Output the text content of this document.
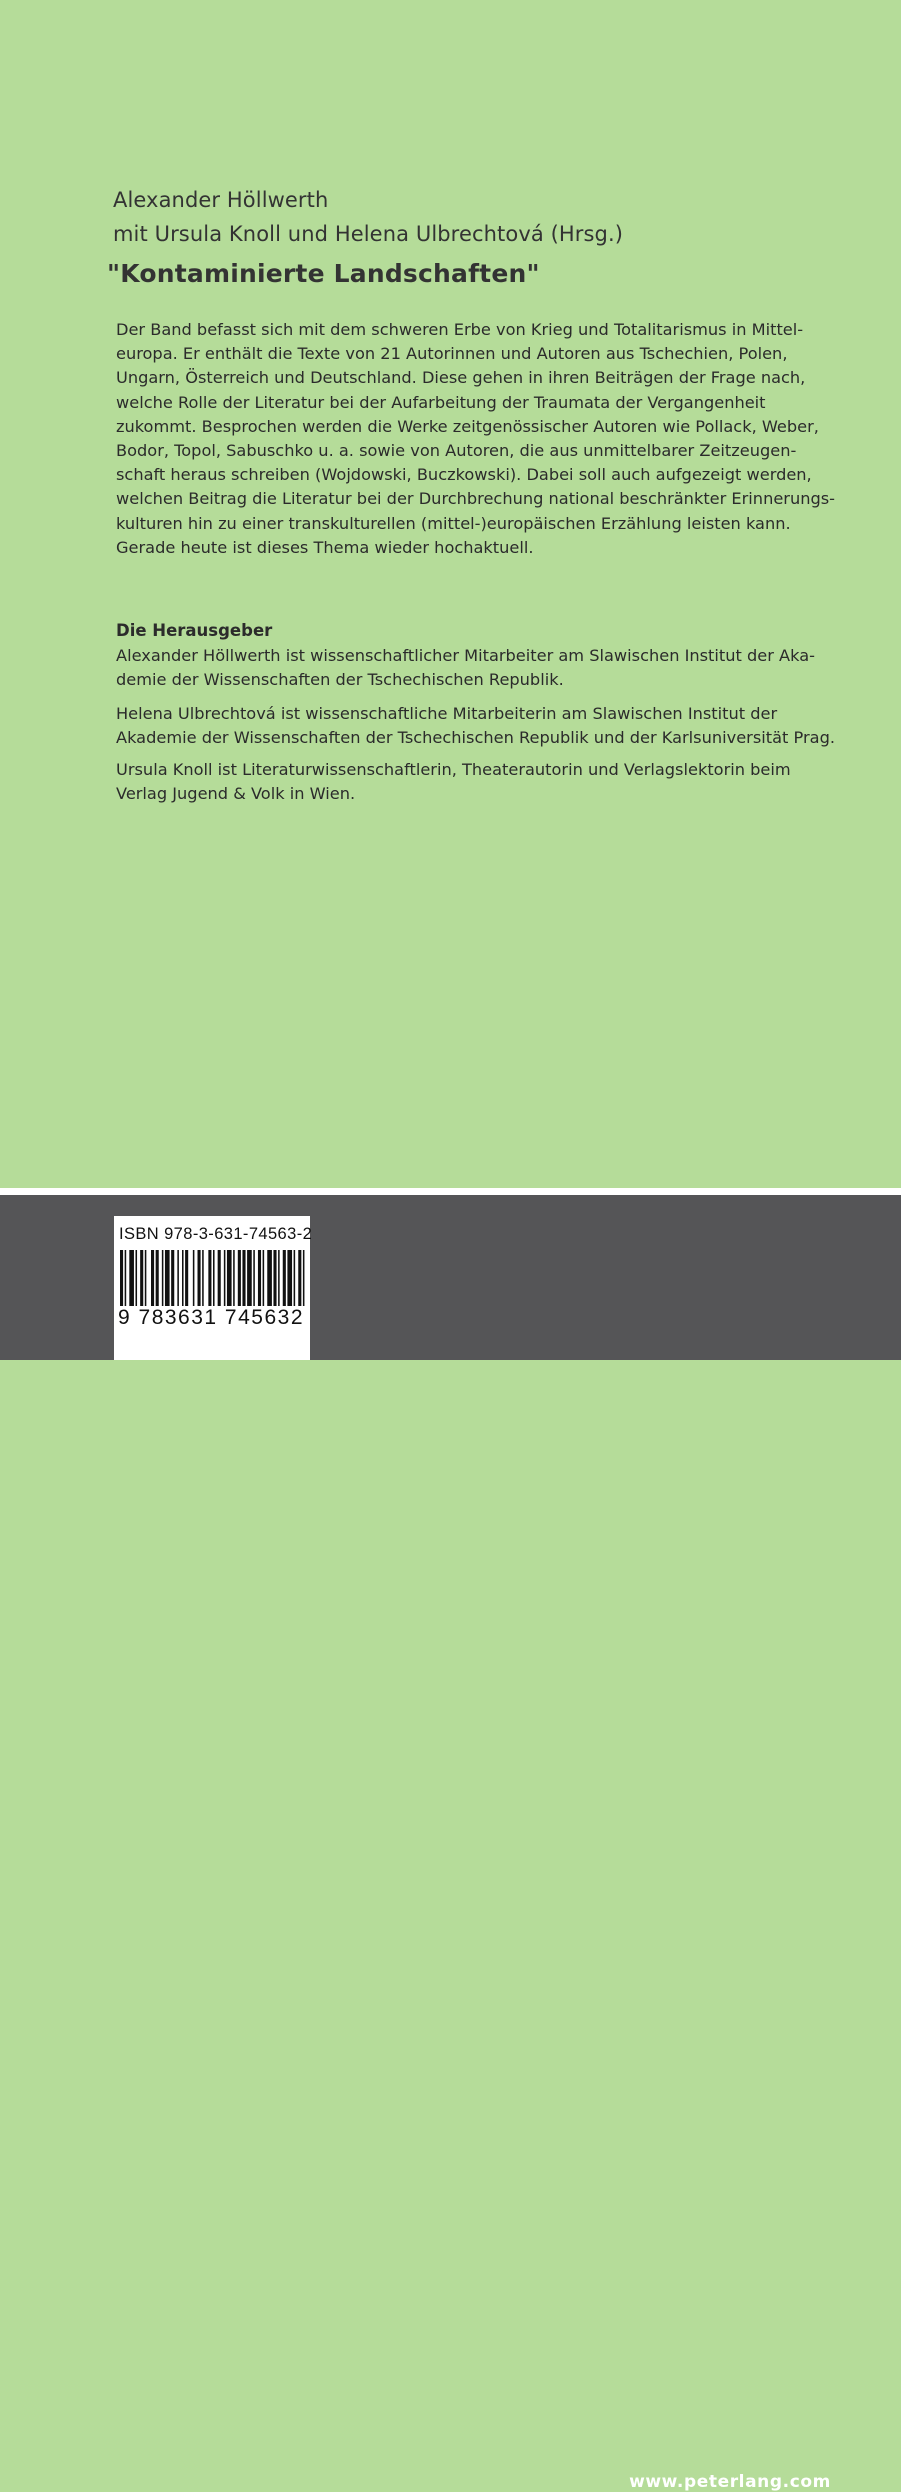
Alexander Höllwerth
mit Ursula Knoll und Helena Ulbrechtová (Hrsg.)
"Kontaminierte Landschaften"
Der Band befasst sich mit dem schweren Erbe von Krieg und Totalitarismus in Mittel-
europa. Er enthält die Texte von 21 Autorinnen und Autoren aus Tschechien, Polen,
Ungarn, Österreich und Deutschland. Diese gehen in ihren Beiträgen der Frage nach,
welche Rolle der Literatur bei der Aufarbeitung der Traumata der Vergangenheit
zukommt. Besprochen werden die Werke zeitgenössischer Autoren wie Pollack, Weber,
Bodor, Topol, Sabuschko u. a. sowie von Autoren, die aus unmittelbarer Zeitzeugen-
schaft heraus schreiben (Wojdowski, Buczkowski). Dabei soll auch aufgezeigt werden,
welchen Beitrag die Literatur bei der Durchbrechung national beschränkter Erinnerungs-
kulturen hin zu einer transkulturellen (mittel-)europäischen Erzählung leisten kann.
Gerade heute ist dieses Thema wieder hochaktuell.
Die Herausgeber
Alexander Höllwerth ist wissenschaftlicher Mitarbeiter am Slawischen Institut der Aka-
demie der Wissenschaften der Tschechischen Republik.
Helena Ulbrechtová ist wissenschaftliche Mitarbeiterin am Slawischen Institut der
Akademie der Wissenschaften der Tschechischen Republik und der Karlsuniversität Prag.
Ursula Knoll ist Literaturwissenschaftlerin, Theaterautorin und Verlagslektorin beim
Verlag Jugend & Volk in Wien.
www.peterlang.com
ISBN 978-3-631-74563-2
9 783631 745632
